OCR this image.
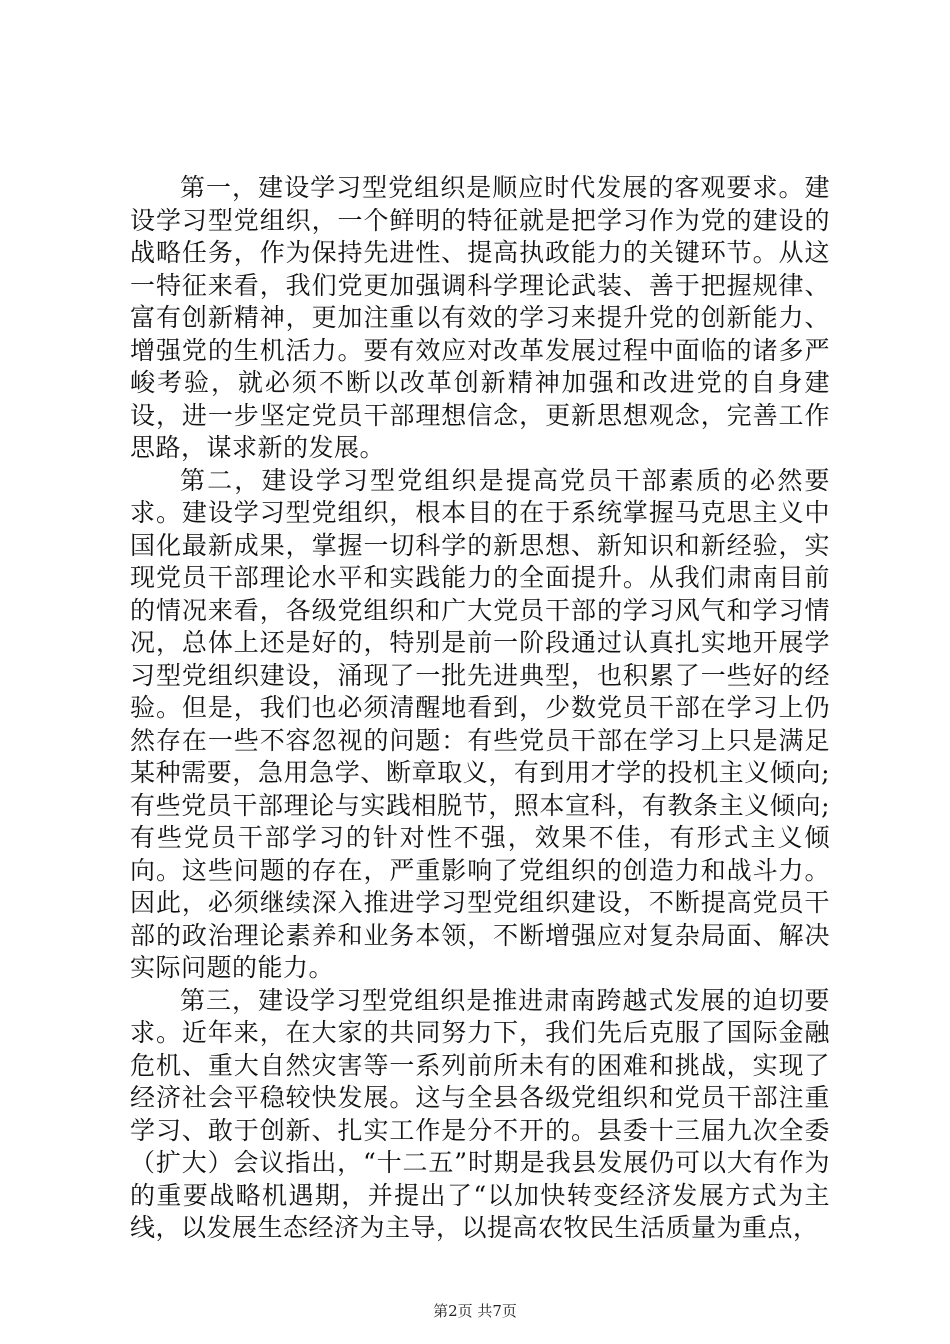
第一，建设学习型党组织是顺应时代发展的客观要求。建设学习型党组织，一个鲜明的特征就是把学习作为党的建设的战略任务，作为保持先进性、提高执政能力的关键环节。从这一特征来看，我们党更加强调科学理论武装、善于把握规律、富有创新精神，更加注重以有效的学习来提升党的创新能力、增强党的生机活力。要有效应对改革发展过程中面临的诸多严峻考验，就必须不断以改革创新精神加强和改进党的自身建设，进一步坚定党员干部理想信念，更新思想观念，完善工作思路，谋求新的发展。

第二，建设学习型党组织是提高党员干部素质的必然要求。建设学习型党组织，根本目的在于系统掌握马克思主义中国化最新成果，掌握一切科学的新思想、新知识和新经验，实现党员干部理论水平和实践能力的全面提升。从我们肃南目前的情况来看，各级党组织和广大党员干部的学习风气和学习情况，总体上还是好的，特别是前一阶段通过认真扎实地开展学习型党组织建设，涌现了一批先进典型，也积累了一些好的经验。但是，我们也必须清醒地看到，少数党员干部在学习上仍然存在一些不容忽视的问题：有些党员干部在学习上只是满足某种需要，急用急学、断章取义，有到用才学的投机主义倾向;有些党员干部理论与实践相脱节，照本宣科，有教条主义倾向;有些党员干部学习的针对性不强，效果不佳，有形式主义倾向。这些问题的存在，严重影响了党组织的创造力和战斗力。因此，必须继续深入推进学习型党组织建设，不断提高党员干部的政治理论素养和业务本领，不断增强应对复杂局面、解决实际问题的能力。

第三，建设学习型党组织是推进肃南跨越式发展的迫切要求。近年来，在大家的共同努力下，我们先后克服了国际金融危机、重大自然灾害等一系列前所未有的困难和挑战，实现了经济社会平稳较快发展。这与全县各级党组织和党员干部注重学习、敢于创新、扎实工作是分不开的。县委十三届九次全委（扩大）会议指出，“十二五”时期是我县发展仍可以大有作为的重要战略机遇期，并提出了“以加快转变经济发展方式为主线，以发展生态经济为主导，以提高农牧民生活质量为重点，

第2页 共7页
